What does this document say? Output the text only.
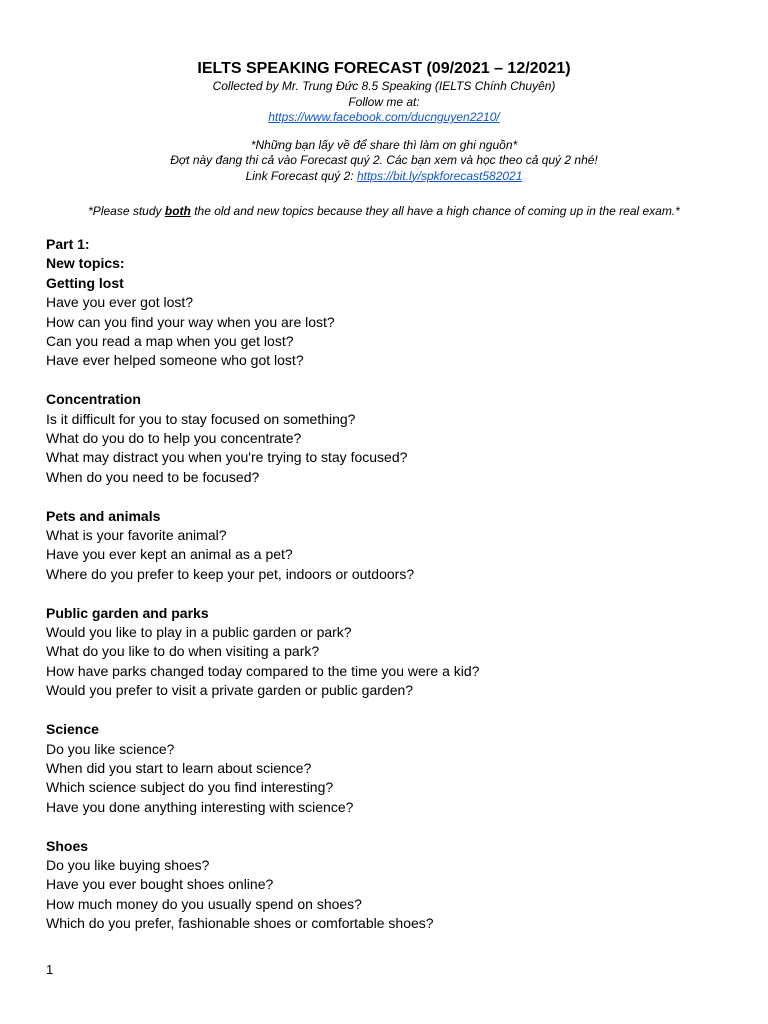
IELTS SPEAKING FORECAST (09/2021 – 12/2021)

Collected by Mr. Trung Đức 8.5 Speaking (IELTS Chính Chuyên)

Follow me at:

https://www.facebook.com/ducnguyen2210/

*Những bạn lấy về để share thì làm ơn ghi nguồn*

Đợt này đang thi cả vào Forecast quý 2. Các bạn xem và học theo cả quý 2 nhé!

Link Forecast quý 2: https://bit.ly/spkforecast582021

*Please study both the old and new topics because they all have a high chance of coming up in the real exam.*

Part 1:

New topics:

Getting lost

Have you ever got lost?

How can you find your way when you are lost?

Can you read a map when you get lost?

Have ever helped someone who got lost?

Concentration

Is it difficult for you to stay focused on something?

What do you do to help you concentrate?

What may distract you when you're trying to stay focused?

When do you need to be focused?

Pets and animals

What is your favorite animal?

Have you ever kept an animal as a pet?

Where do you prefer to keep your pet, indoors or outdoors?

Public garden and parks

Would you like to play in a public garden or park?

What do you like to do when visiting a park?

How have parks changed today compared to the time you were a kid?

Would you prefer to visit a private garden or public garden?

Science

Do you like science?

When did you start to learn about science?

Which science subject do you find interesting?

Have you done anything interesting with science?

Shoes

Do you like buying shoes?

Have you ever bought shoes online?

How much money do you usually spend on shoes?

Which do you prefer, fashionable shoes or comfortable shoes?

1
